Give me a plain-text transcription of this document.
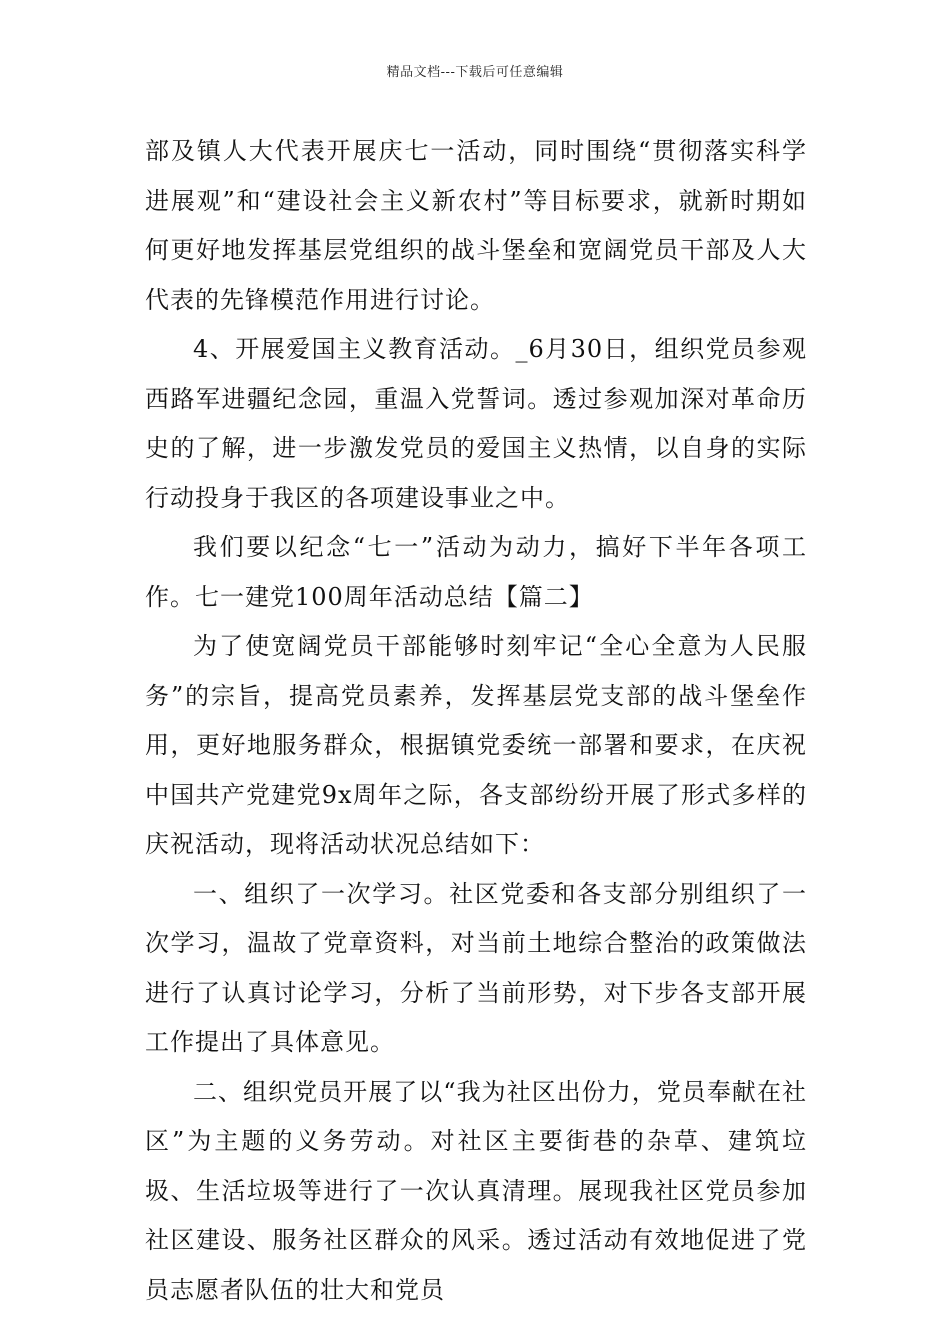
精品文档---下载后可任意编辑

部及镇人大代表开展庆七一活动，同时围绕“贯彻落实科学进展观”和“建设社会主义新农村”等目标要求，就新时期如何更好地发挥基层党组织的战斗堡垒和宽阔党员干部及人大代表的先锋模范作用进行讨论。

4、开展爱国主义教育活动。_6月30日，组织党员参观西路军进疆纪念园，重温入党誓词。透过参观加深对革命历史的了解，进一步激发党员的爱国主义热情，以自身的实际行动投身于我区的各项建设事业之中。

我们要以纪念“七一”活动为动力，搞好下半年各项工作。七一建党100周年活动总结【篇二】

为了使宽阔党员干部能够时刻牢记“全心全意为人民服务”的宗旨，提高党员素养，发挥基层党支部的战斗堡垒作用，更好地服务群众，根据镇党委统一部署和要求，在庆祝中国共产党建党9x周年之际，各支部纷纷开展了形式多样的庆祝活动，现将活动状况总结如下：

一、组织了一次学习。社区党委和各支部分别组织了一次学习，温故了党章资料，对当前土地综合整治的政策做法进行了认真讨论学习，分析了当前形势，对下步各支部开展工作提出了具体意见。

二、组织党员开展了以“我为社区出份力，党员奉献在社区”为主题的义务劳动。对社区主要街巷的杂草、建筑垃圾、生活垃圾等进行了一次认真清理。展现我社区党员参加社区建设、服务社区群众的风采。透过活动有效地促进了党员志愿者队伍的壮大和党员
